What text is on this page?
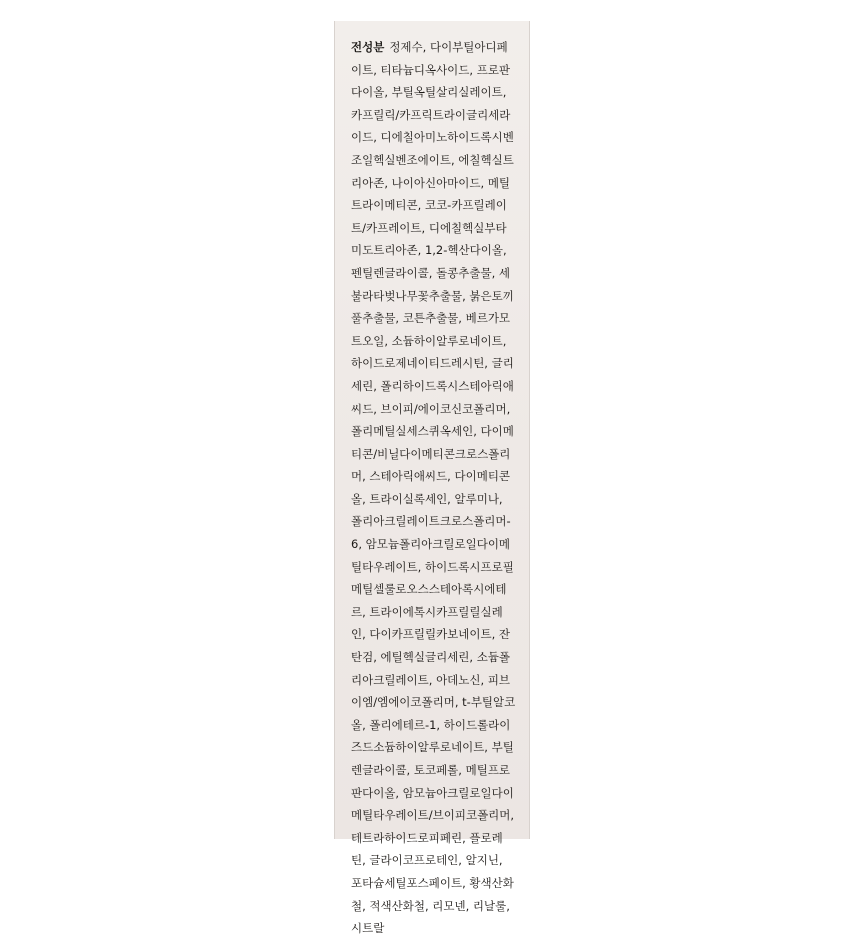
전성분 정제수, 다이부틸아디페이트, 티타늄디옥사이드, 프로판다이올, 부틸옥틸살리실레이트, 카프릴릭/카프릭트라이글리세라이드, 디에칠아미노하이드록시벤조일헥실벤조에이트, 에칠헥실트리아존, 나이아신아마이드, 메틸트라이메티콘, 코코-카프릴레이트/카프레이트, 디에칠헥실부타미도트리아존, 1,2-헥산다이올, 펜틸렌글라이콜, 돌콩추출물, 세불라타벚나무꽃추출물, 붉은토끼풀추출물, 코튼추출물, 베르가모트오일, 소듐하이알루로네이트, 하이드로제네이티드레시틴, 글리세린, 폴리하이드록시스테아릭애씨드, 브이피/에이코신코폴리머, 폴리메틸실세스퀴옥세인, 다이메티콘/비닐다이메티콘크로스폴리머, 스테아릭애씨드, 다이메티콘올, 트라이실록세인, 알루미나, 폴리아크릴레이트크로스폴리머-6, 암모늄폴리아크릴로일다이메틸타우레이트, 하이드록시프로필메틸셀룰로오스스테아록시에테르, 트라이에톡시카프릴릴실레인, 다이카프릴릴카보네이트, 잔탄검, 에틸헥실글리세린, 소듐폴리아크릴레이트, 아데노신, 피브이엠/엠에이코폴리머, t-부틸알코올, 폴리에테르-1, 하이드롤라이즈드소듐하이알루로네이트, 부틸렌글라이콜, 토코페롤, 메틸프로판다이올, 암모늄아크릴로일다이메틸타우레이트/브이피코폴리머, 테트라하이드로피페린, 플로레틴, 글라이코프로테인, 알지닌, 포타슘세틸포스페이트, 황색산화철, 적색산화철, 리모넨, 리날룰, 시트랄
